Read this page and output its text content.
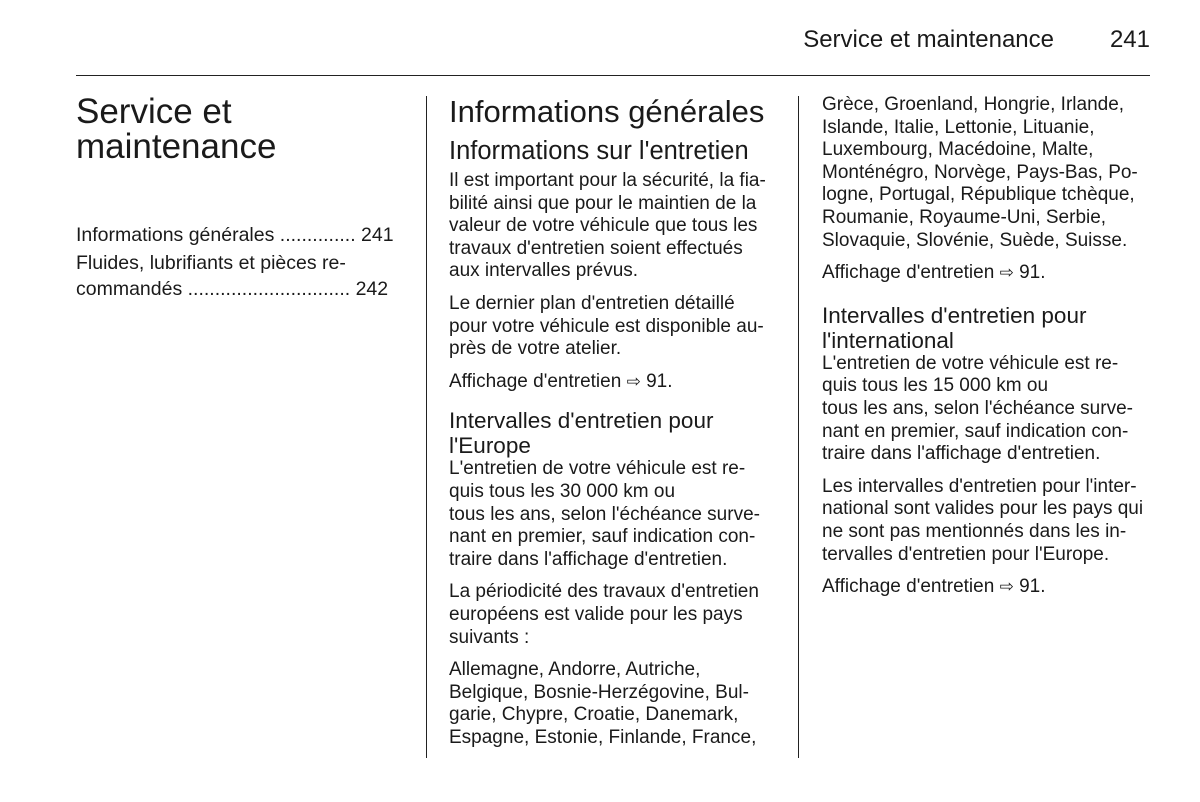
Service et maintenance 241
Service et
maintenance
Informations générales .............. 241
Fluides, lubrifiants et pièces re-
commandés .............................. 242
Informations générales
Informations sur l'entretien
Il est important pour la sécurité, la fia-
bilité ainsi que pour le maintien de la
valeur de votre véhicule que tous les
travaux d'entretien soient effectués
aux intervalles prévus.
Le dernier plan d'entretien détaillé
pour votre véhicule est disponible au-
près de votre atelier.
Affichage d'entretien ⇨ 91.
Intervalles d'entretien pour
l'Europe
L'entretien de votre véhicule est re-
quis tous les 30 000 km ou
tous les ans, selon l'échéance surve-
nant en premier, sauf indication con-
traire dans l'affichage d'entretien.
La périodicité des travaux d'entretien
européens est valide pour les pays
suivants :
Allemagne, Andorre, Autriche,
Belgique, Bosnie-Herzégovine, Bul-
garie, Chypre, Croatie, Danemark,
Espagne, Estonie, Finlande, France,
Grèce, Groenland, Hongrie, Irlande,
Islande, Italie, Lettonie, Lituanie,
Luxembourg, Macédoine, Malte,
Monténégro, Norvège, Pays-Bas, Po-
logne, Portugal, République tchèque,
Roumanie, Royaume-Uni, Serbie,
Slovaquie, Slovénie, Suède, Suisse.
Affichage d'entretien ⇨ 91.
Intervalles d'entretien pour
l'international
L'entretien de votre véhicule est re-
quis tous les 15 000 km ou
tous les ans, selon l'échéance surve-
nant en premier, sauf indication con-
traire dans l'affichage d'entretien.
Les intervalles d'entretien pour l'inter-
national sont valides pour les pays qui
ne sont pas mentionnés dans les in-
tervalles d'entretien pour l'Europe.
Affichage d'entretien ⇨ 91.
